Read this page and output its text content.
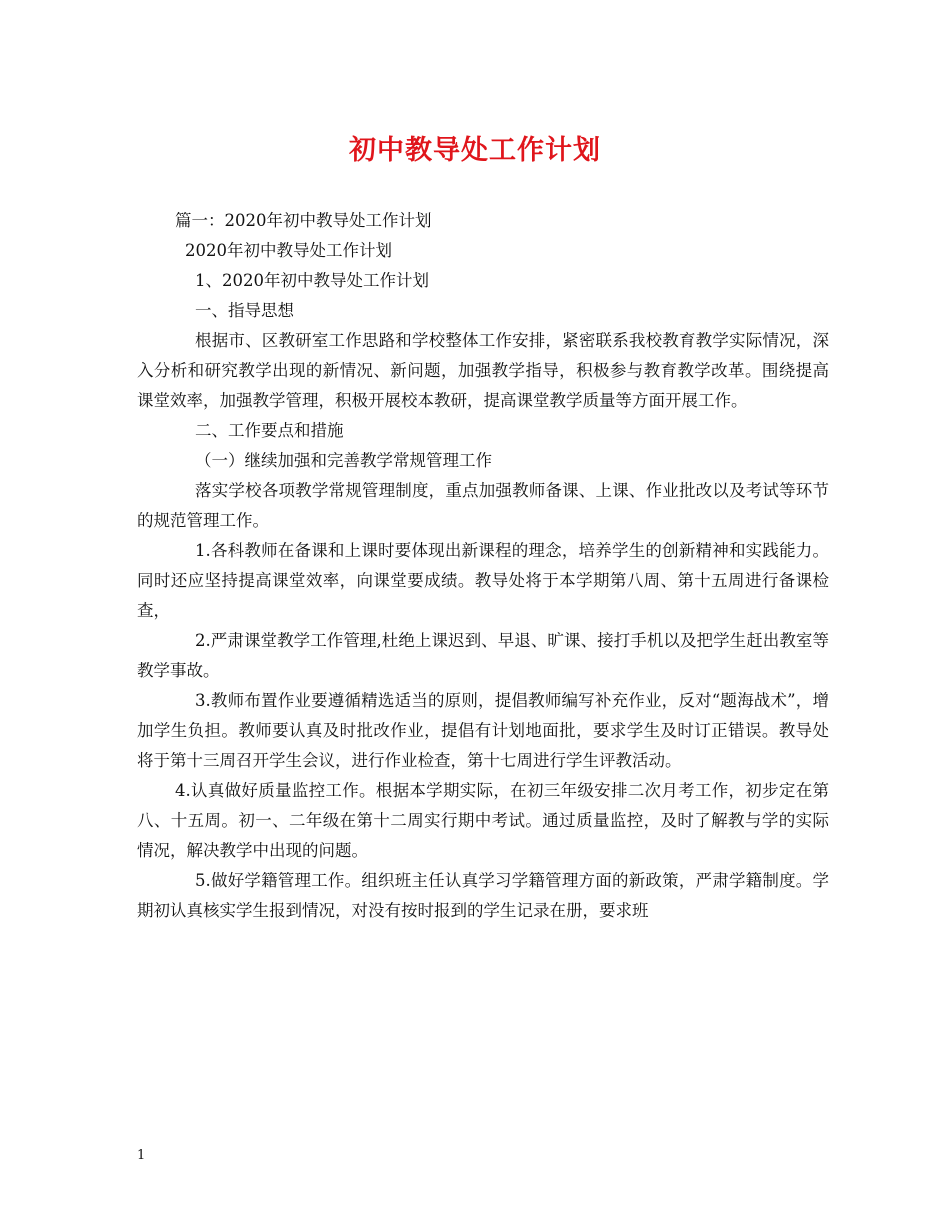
初中教导处工作计划

篇一：2020年初中教导处工作计划

2020年初中教导处工作计划

1、2020年初中教导处工作计划

一、指导思想

根据市、区教研室工作思路和学校整体工作安排，紧密联系我校教育教学实际情况，深入分析和研究教学出现的新情况、新问题，加强教学指导，积极参与教育教学改革。围绕提高课堂效率，加强教学管理，积极开展校本教研，提高课堂教学质量等方面开展工作。

二、工作要点和措施

（一）继续加强和完善教学常规管理工作

落实学校各项教学常规管理制度，重点加强教师备课、上课、作业批改以及考试等环节的规范管理工作。

1.各科教师在备课和上课时要体现出新课程的理念，培养学生的创新精神和实践能力。同时还应坚持提高课堂效率，向课堂要成绩。教导处将于本学期第八周、第十五周进行备课检查，

2.严肃课堂教学工作管理,杜绝上课迟到、早退、旷课、接打手机以及把学生赶出教室等教学事故。

3.教师布置作业要遵循精选适当的原则，提倡教师编写补充作业，反对“题海战术”，增加学生负担。教师要认真及时批改作业，提倡有计划地面批，要求学生及时订正错误。教导处将于第十三周召开学生会议，进行作业检查，第十七周进行学生评教活动。

4.认真做好质量监控工作。根据本学期实际，在初三年级安排二次月考工作，初步定在第八、十五周。初一、二年级在第十二周实行期中考试。通过质量监控，及时了解教与学的实际情况，解决教学中出现的问题。

5.做好学籍管理工作。组织班主任认真学习学籍管理方面的新政策，严肃学籍制度。学期初认真核实学生报到情况，对没有按时报到的学生记录在册，要求班

1
